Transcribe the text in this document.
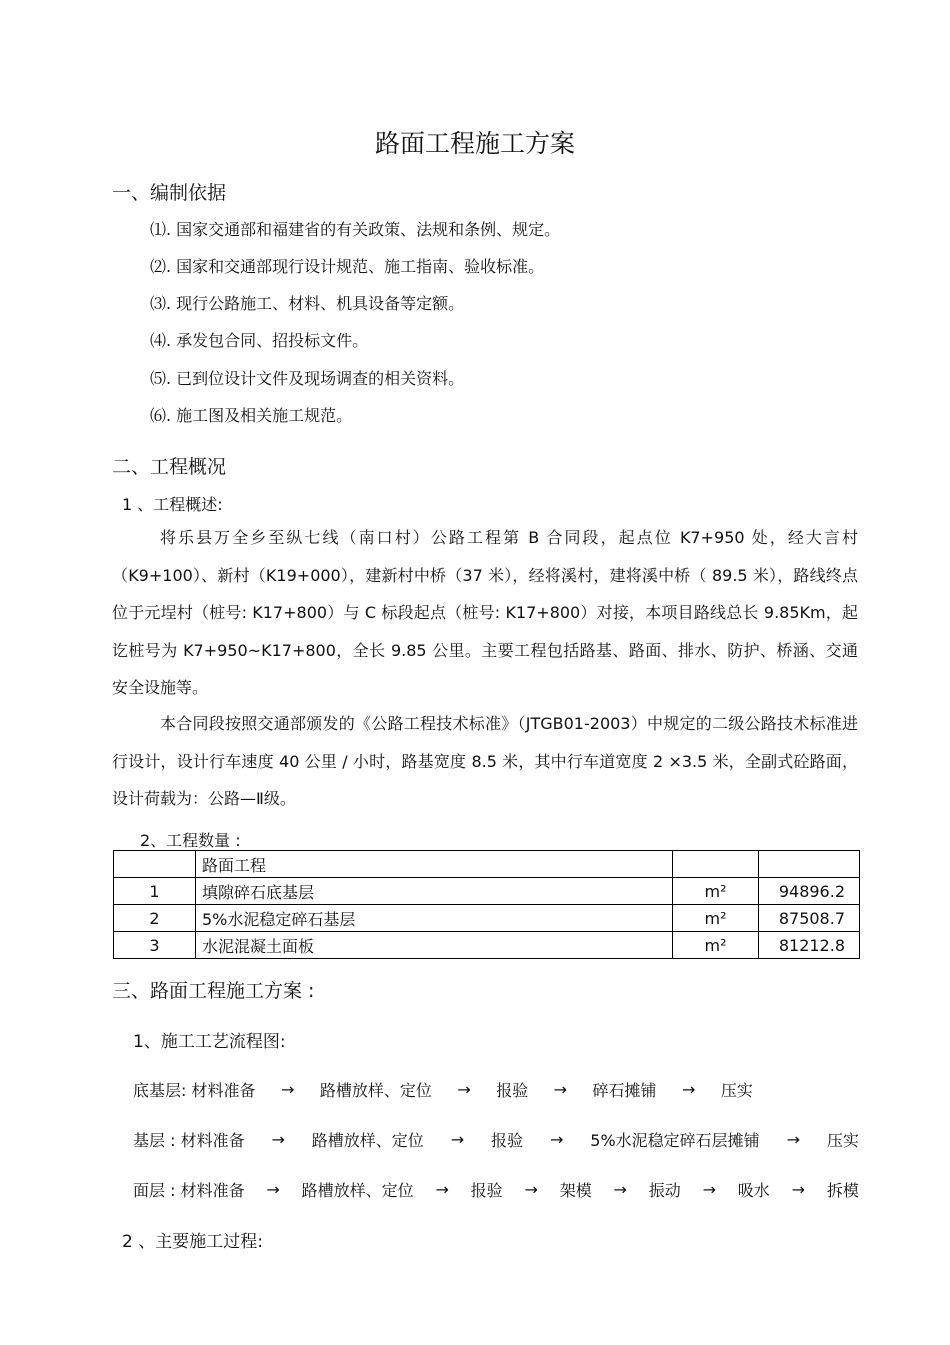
路面工程施工方案
一、编制依据
⑴. 国家交通部和福建省的有关政策、法规和条例、规定。
⑵. 国家和交通部现行设计规范、施工指南、验收标准。
⑶. 现行公路施工、材料、机具设备等定额。
⑷. 承发包合同、招投标文件。
⑸. 已到位设计文件及现场调查的相关资料。
⑹. 施工图及相关施工规范。
二、工程概况
1 、工程概述:

将乐县万全乡至纵七线（南口村）公路工程第 B 合同段，起点位 K7+950 处，经大言村（K9+100）、新村（K19+000），建新村中桥（37 米），经将溪村，建将溪中桥（ 89.5 米），路线终点位于元埕村（桩号: K17+800）与 C 标段起点（桩号: K17+800）对接，本项目路线总长 9.85Km，起讫桩号为 K7+950~K17+800，全长 9.85 公里。主要工程包括路基、路面、排水、防护、桥涵、交通安全设施等。

本合同段按照交通部颁发的《公路工程技术标准》（JTGB01-2003）中规定的二级公路技术标准进行设计，设计行车速度 40 公里 / 小时，路基宽度 8.5 米，其中行车道宽度 2 ×3.5 米，全副式砼路面，设计荷载为：公路—Ⅱ级。

2、工程数量 :
	路面工程		
1	填隙碎石底基层	m²	94896.2
2	5%水泥稳定碎石基层	m²	87508.7
3	水泥混凝土面板	m²	81212.8
三、路面工程施工方案 :
1、施工工艺流程图:
底基层: 材料准备 → 路槽放样、定位 → 报验 → 碎石摊铺 → 压实
基层 : 材料准备 → 路槽放样、定位 → 报验 → 5%水泥稳定碎石层摊铺 → 压实
面层 : 材料准备 → 路槽放样、定位 → 报验 → 架模 → 振动 → 吸水 → 拆模
2 、主要施工过程:
